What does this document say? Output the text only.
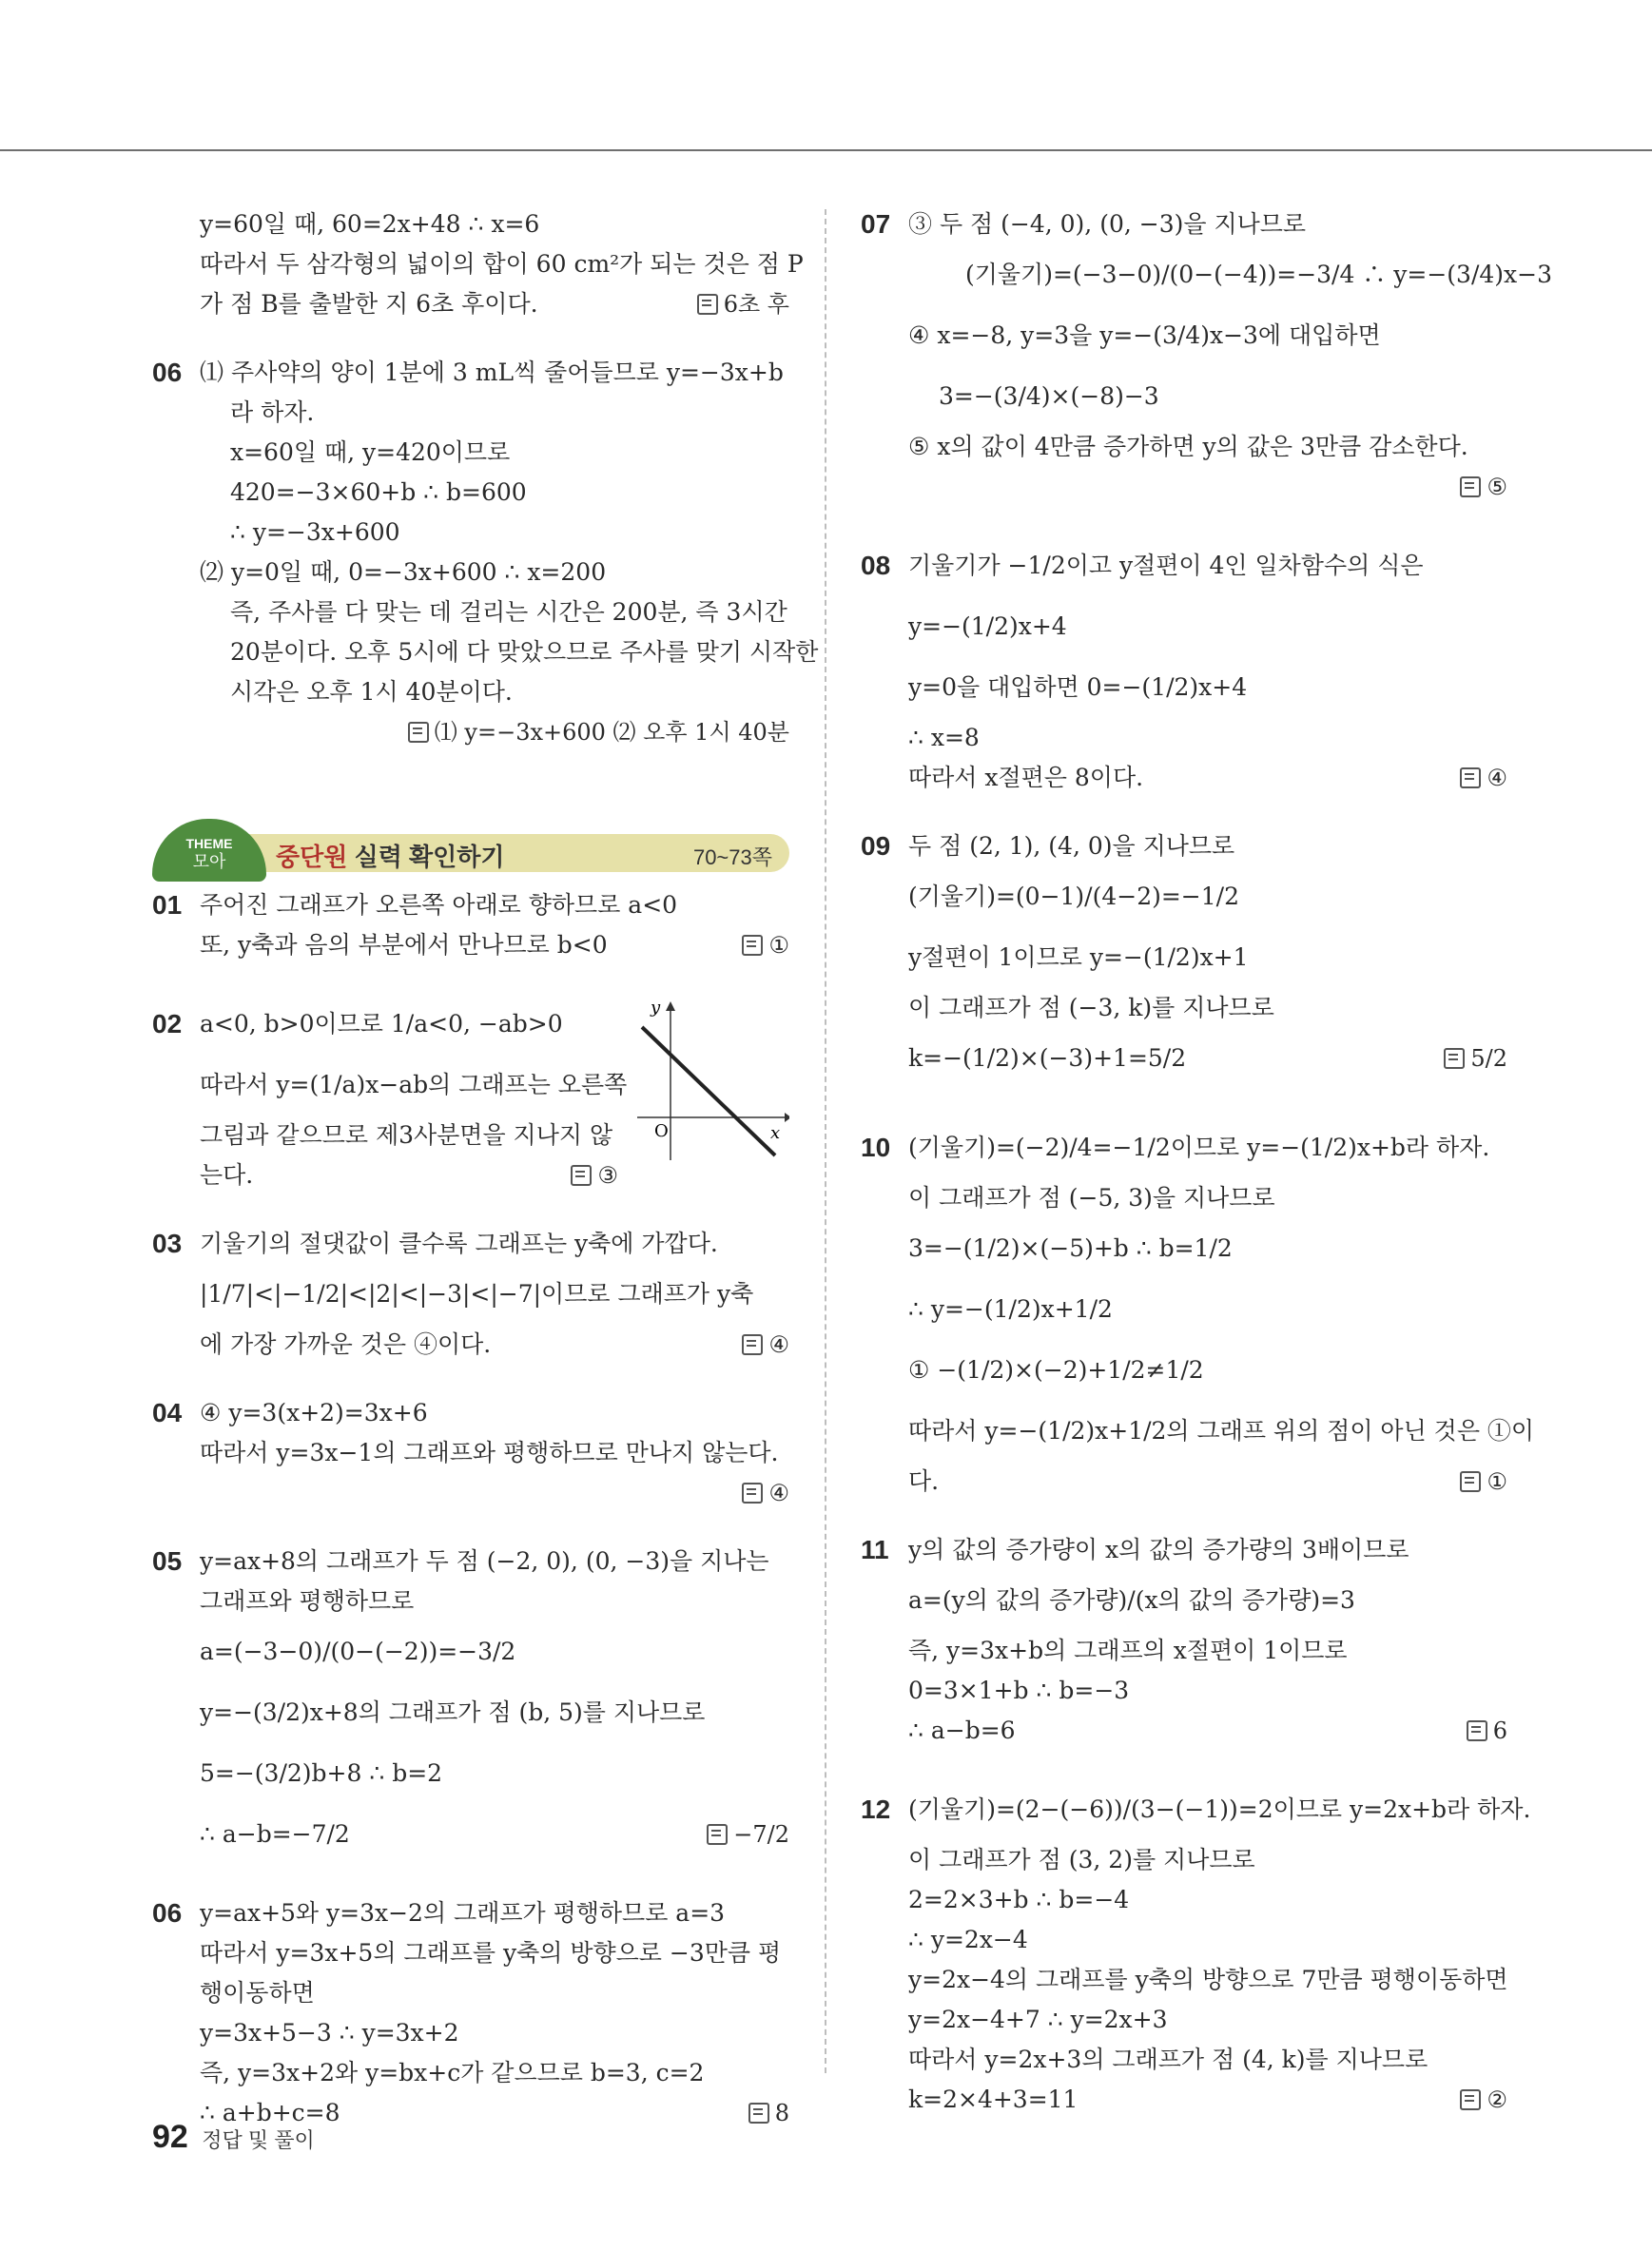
y=60일 때, 60=2x+48 ∴ x=6
따라서 두 삼각형의 넓이의 합이 60 cm²가 되는 것은 점 P
가 점 B를 출발한 지 6초 후이다.	6초 후
06 ⑴ 주사약의 양이 1분에 3 mL씩 줄어들므로 y=−3x+b
라 하자.
x=60일 때, y=420이므로
420=−3×60+b ∴ b=600
∴ y=−3x+600
⑵ y=0일 때, 0=−3x+600 ∴ x=200
즉, 주사를 다 맞는 데 걸리는 시간은 200분, 즉 3시간
20분이다. 오후 5시에 다 맞았으므로 주사를 맞기 시작한
시각은 오후 1시 40분이다.
⑴ y=−3x+600 ⑵ 오후 1시 40분
THEME
모아	중단원 실력 확인하기	70~73쪽
01 주어진 그래프가 오른쪽 아래로 향하므로 a<0
또, y축과 음의 부분에서 만나므로 b<0	①
02 a<0, b>0이므로 1/a<0, −ab>0
따라서 y=(1/a)x−ab의 그래프는 오른쪽
그림과 같으므로 제3사분면을 지나지 않
는다.	③
y
x
O
03 기울기의 절댓값이 클수록 그래프는 y축에 가깝다.
|1/7|<|−1/2|<|2|<|−3|<|−7|이므로 그래프가 y축
에 가장 가까운 것은 ④이다.	④
04 ④ y=3(x+2)=3x+6
따라서 y=3x−1의 그래프와 평행하므로 만나지 않는다.
④
05 y=ax+8의 그래프가 두 점 (−2, 0), (0, −3)을 지나는
그래프와 평행하므로
a=(−3−0)/(0−(−2))=−3/2
y=−(3/2)x+8의 그래프가 점 (b, 5)를 지나므로
5=−(3/2)b+8 ∴ b=2
∴ a−b=−7/2	−7/2
06 y=ax+5와 y=3x−2의 그래프가 평행하므로 a=3
따라서 y=3x+5의 그래프를 y축의 방향으로 −3만큼 평
행이동하면
y=3x+5−3 ∴ y=3x+2
즉, y=3x+2와 y=bx+c가 같으므로 b=3, c=2
∴ a+b+c=8	8
07 ③ 두 점 (−4, 0), (0, −3)을 지나므로
(기울기)=(−3−0)/(0−(−4))=−3/4 ∴ y=−(3/4)x−3
④ x=−8, y=3을 y=−(3/4)x−3에 대입하면
3=−(3/4)×(−8)−3
⑤ x의 값이 4만큼 증가하면 y의 값은 3만큼 감소한다.
⑤
08 기울기가 −1/2이고 y절편이 4인 일차함수의 식은
y=−(1/2)x+4
y=0을 대입하면 0=−(1/2)x+4
∴ x=8
따라서 x절편은 8이다.	④
09 두 점 (2, 1), (4, 0)을 지나므로
(기울기)=(0−1)/(4−2)=−1/2
y절편이 1이므로 y=−(1/2)x+1
이 그래프가 점 (−3, k)를 지나므로
k=−(1/2)×(−3)+1=5/2	5/2
10 (기울기)=(−2)/4=−1/2이므로 y=−(1/2)x+b라 하자.
이 그래프가 점 (−5, 3)을 지나므로
3=−(1/2)×(−5)+b ∴ b=1/2
∴ y=−(1/2)x+1/2
① −(1/2)×(−2)+1/2≠1/2
따라서 y=−(1/2)x+1/2의 그래프 위의 점이 아닌 것은 ①이
다.	①
11 y의 값의 증가량이 x의 값의 증가량의 3배이므로
a=(y의 값의 증가량)/(x의 값의 증가량)=3
즉, y=3x+b의 그래프의 x절편이 1이므로
0=3×1+b ∴ b=−3
∴ a−b=6	6
12 (기울기)=(2−(−6))/(3−(−1))=2이므로 y=2x+b라 하자.
이 그래프가 점 (3, 2)를 지나므로
2=2×3+b ∴ b=−4
∴ y=2x−4
y=2x−4의 그래프를 y축의 방향으로 7만큼 평행이동하면
y=2x−4+7 ∴ y=2x+3
따라서 y=2x+3의 그래프가 점 (4, k)를 지나므로
k=2×4+3=11	②
92 정답 및 풀이
